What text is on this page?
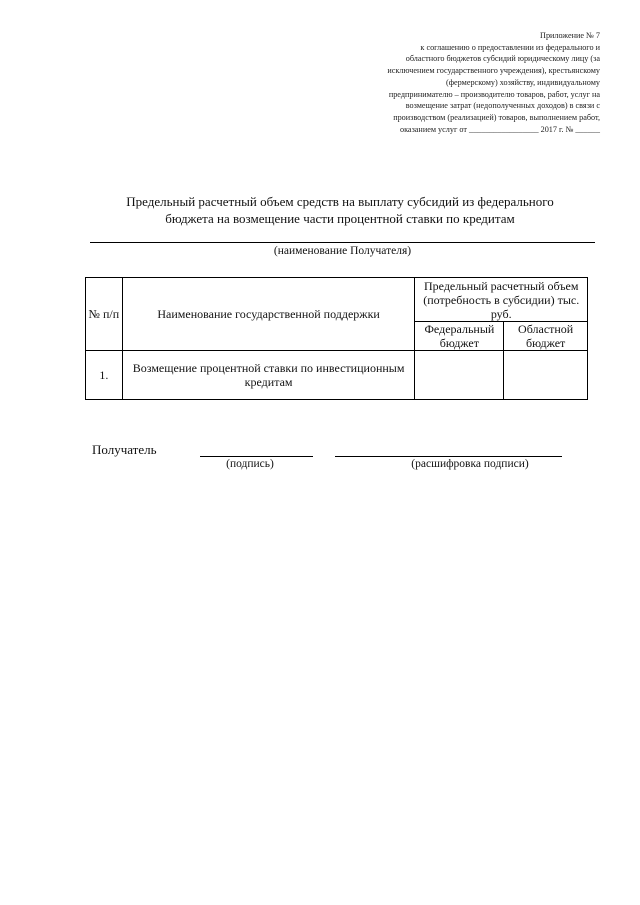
Приложение № 7
к соглашению о предоставлении из федерального и
областного бюджетов субсидий юридическому лицу (за
исключением государственного учреждения), крестьянскому
(фермерскому) хозяйству, индивидуальному
предпринимателю – производителю товаров, работ, услуг на
возмещение затрат (недополученных доходов) в связи с
производством (реализацией) товаров, выполнением работ,
оказанием услуг от _________________ 2017 г. № ______
Предельный расчетный объем средств на выплату субсидий из федерального
бюджета на возмещение части процентной ставки по кредитам
(наименование Получателя)
№ п/п	Наименование государственной поддержки	Предельный расчетный объем (потребность в субсидии) тыс. руб.	
		Федеральный бюджет	Областной бюджет
1.	Возмещение процентной ставки по инвестиционным кредитам		
Получатель
(подпись)	(расшифровка подписи)
